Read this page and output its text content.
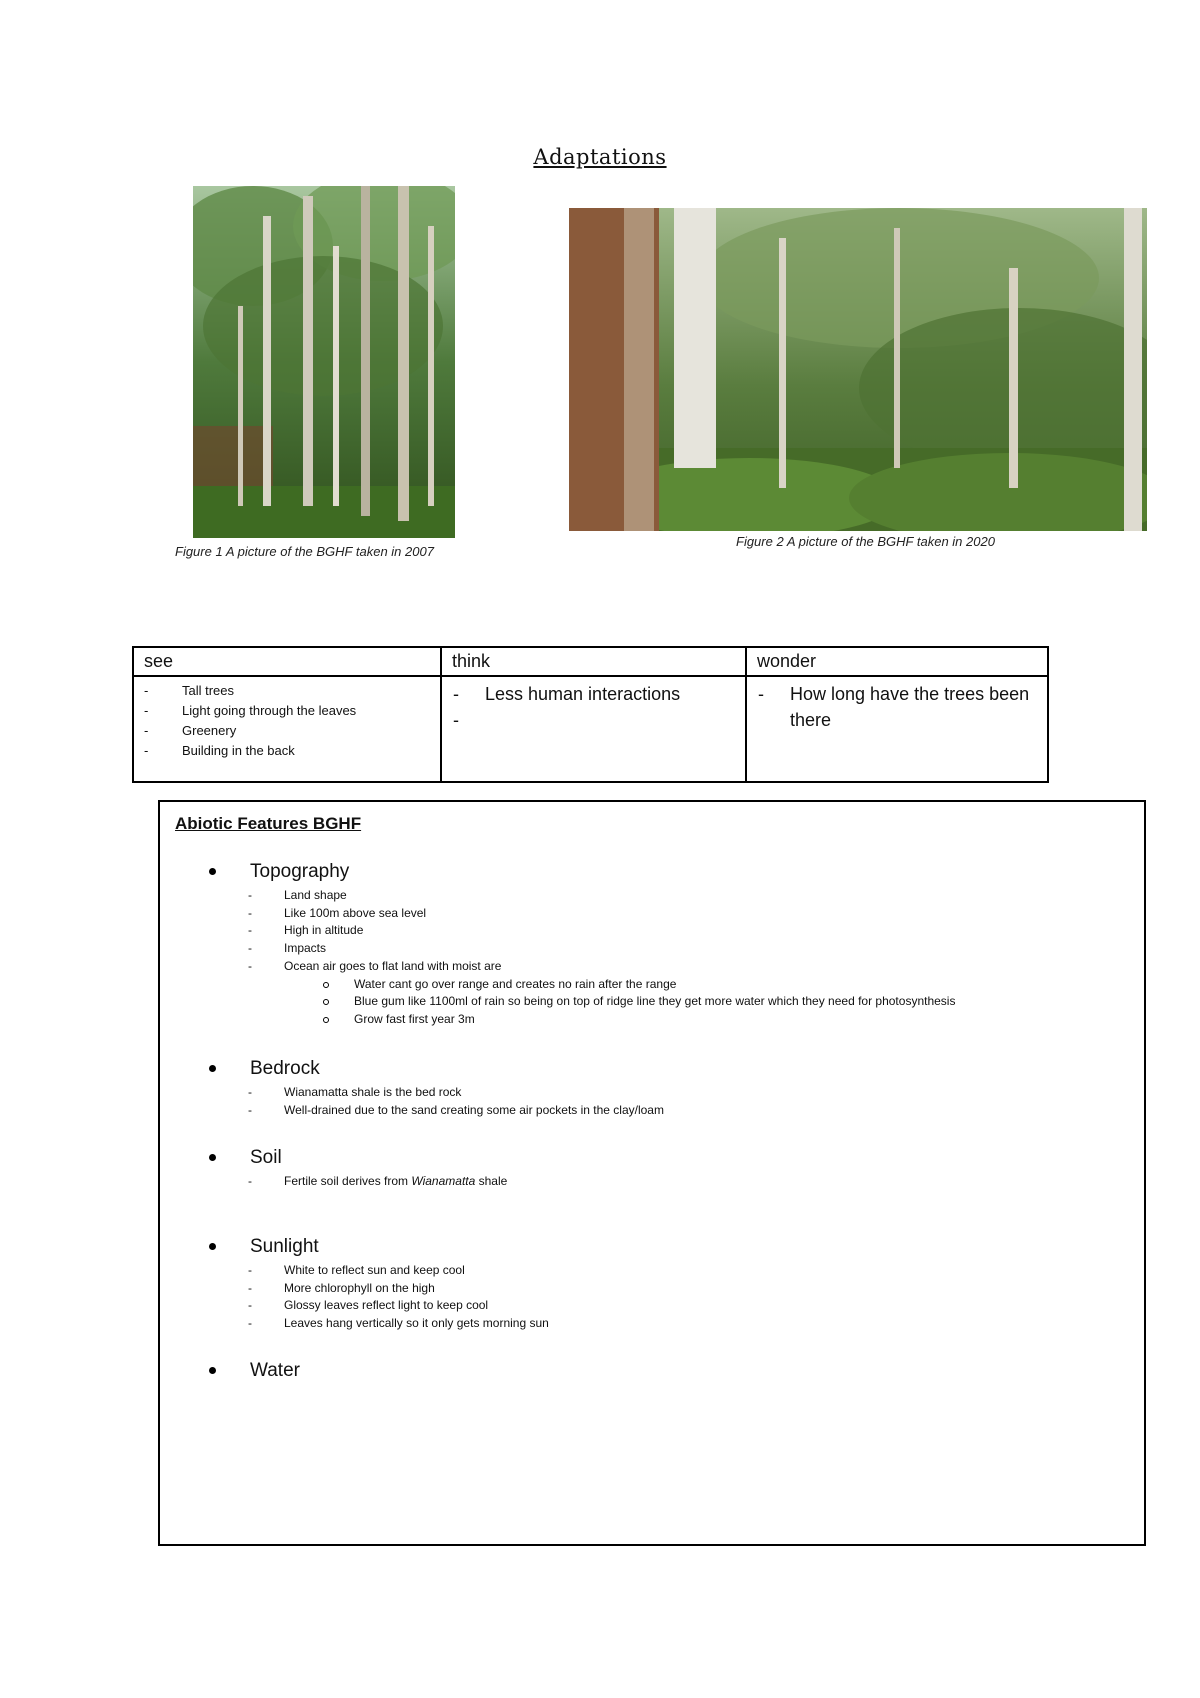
Adaptations
Figure 1 A picture of the BGHF taken in 2007
Figure 2 A picture of the BGHF taken in 2020
see
- Tall trees
- Light going through the leaves
- Greenery
- Building in the back
think
- Less human interactions
-
wonder
- How long have the trees been there
Abiotic Features BGHF
Topography
- Land shape
- Like 100m above sea level
- High in altitude
- Impacts
- Ocean air goes to flat land with moist are
Water cant go over range and creates no rain after the range
Blue gum like 1100ml of rain so being on top of ridge line they get more water which they need for photosynthesis
Grow fast first year 3m
Bedrock
- Wianamatta shale is the bed rock
- Well-drained due to the sand creating some air pockets in the clay/loam
Soil
- Fertile soil derives from Wianamatta shale
Sunlight
- White to reflect sun and keep cool
- More chlorophyll on the high
- Glossy leaves reflect light to keep cool
- Leaves hang vertically so it only gets morning sun
Water
